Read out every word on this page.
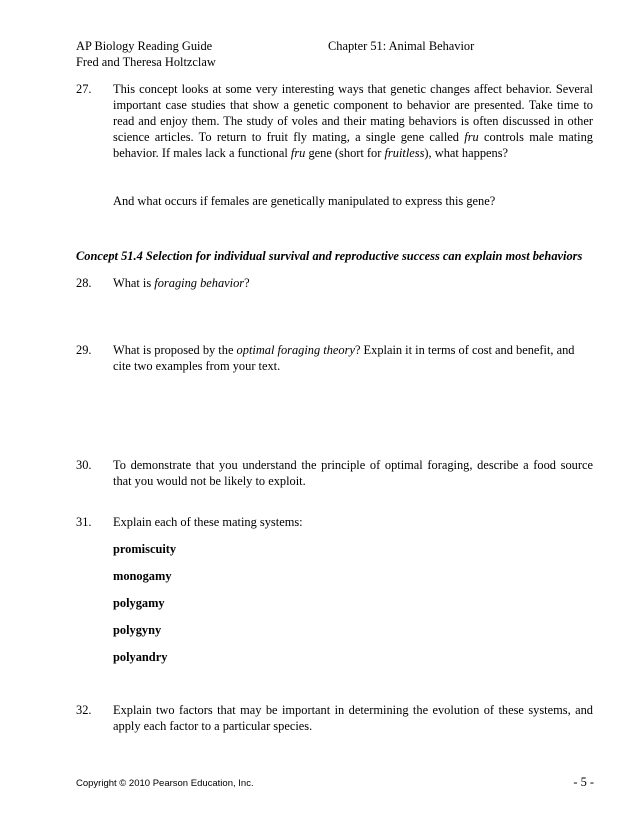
AP Biology Reading Guide
Fred and Theresa Holtzclaw
Chapter 51: Animal Behavior
27. This concept looks at some very interesting ways that genetic changes affect behavior. Several important case studies that show a genetic component to behavior are presented. Take time to read and enjoy them. The study of voles and their mating behaviors is often discussed in other science articles. To return to fruit fly mating, a single gene called fru controls male mating behavior. If males lack a functional fru gene (short for fruitless), what happens?
And what occurs if females are genetically manipulated to express this gene?
Concept 51.4 Selection for individual survival and reproductive success can explain most behaviors
28. What is foraging behavior?
29. What is proposed by the optimal foraging theory? Explain it in terms of cost and benefit, and cite two examples from your text.
30. To demonstrate that you understand the principle of optimal foraging, describe a food source that you would not be likely to exploit.
31. Explain each of these mating systems:
promiscuity
monogamy
polygamy
polygyny
polyandry
32. Explain two factors that may be important in determining the evolution of these systems, and apply each factor to a particular species.
Copyright © 2010 Pearson Education, Inc.	- 5 -
